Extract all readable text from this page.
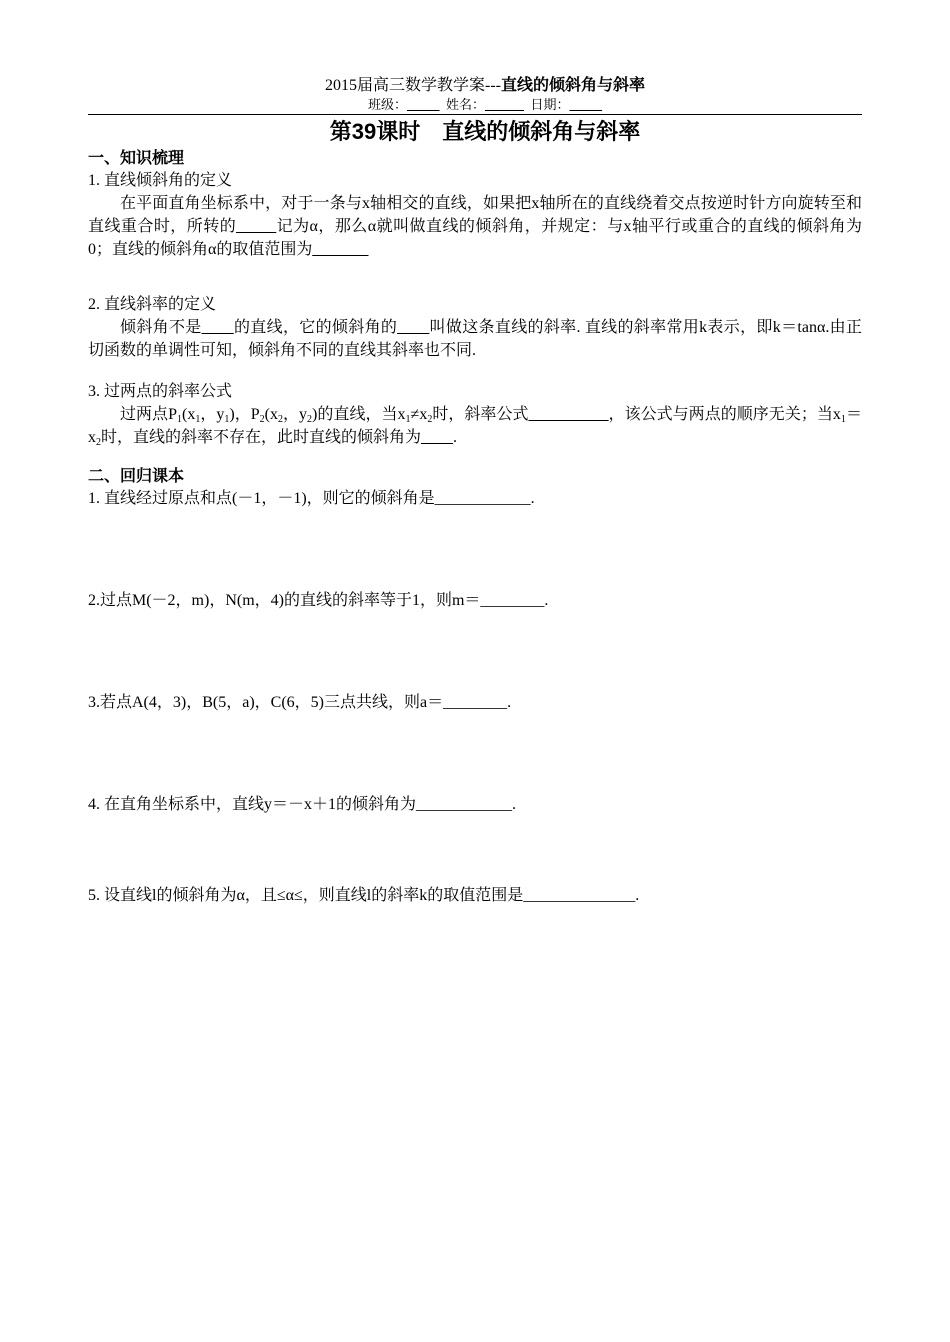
2015届高三数学教学案---直线的倾斜角与斜率
班级：_____ 姓名：______ 日期：_____
第39课时　直线的倾斜角与斜率
一、知识梳理
1. 直线倾斜角的定义
在平面直角坐标系中，对于一条与x轴相交的直线，如果把x轴所在的直线绕着交点按逆时针方向旋转至和直线重合时，所转的_____记为α，那么α就叫做直线的倾斜角，并规定：与x轴平行或重合的直线的倾斜角为0；直线的倾斜角α的取值范围为_______
2. 直线斜率的定义
倾斜角不是____的直线，它的倾斜角的____叫做这条直线的斜率. 直线的斜率常用k表示，即k＝tanα.由正切函数的单调性可知，倾斜角不同的直线其斜率也不同.
3. 过两点的斜率公式
过两点$P_1(x_1$，$y_1$)，$P_2(x_2$，$y_2$)的直线，当$x_1\ne x_2$时，斜率公式__________，该公式与两点的顺序无关；当$x_1=x_2$时，直线的斜率不存在，此时直线的倾斜角为____.
二、回归课本
1. 直线经过原点和点(－1，－1)，则它的倾斜角是____________.
2.过点M(－2，m)，N(m，4)的直线的斜率等于1，则m＝________.
3.若点A(4，3)，B(5，a)，C(6，5)三点共线，则a＝________.
4. 在直角坐标系中，直线y＝－x＋1的倾斜角为____________.
5. 设直线l的倾斜角为α，且≤α≤，则直线l的斜率k的取值范围是______________.
